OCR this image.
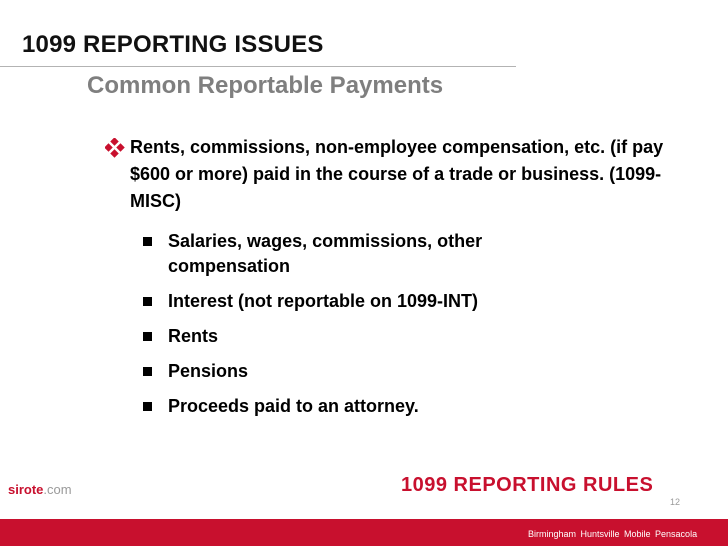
1099 REPORTING ISSUES
Common Reportable Payments
Rents, commissions, non-employee compensation, etc. (if pay $600 or more) paid in the course of a trade or business. (1099-MISC)
Salaries, wages, commissions, other compensation
Interest (not reportable on 1099-INT)
Rents
Pensions
Proceeds paid to an attorney.
sirote.com	1099 REPORTING RULES
12
Birmingham Huntsville Mobile Pensacola
